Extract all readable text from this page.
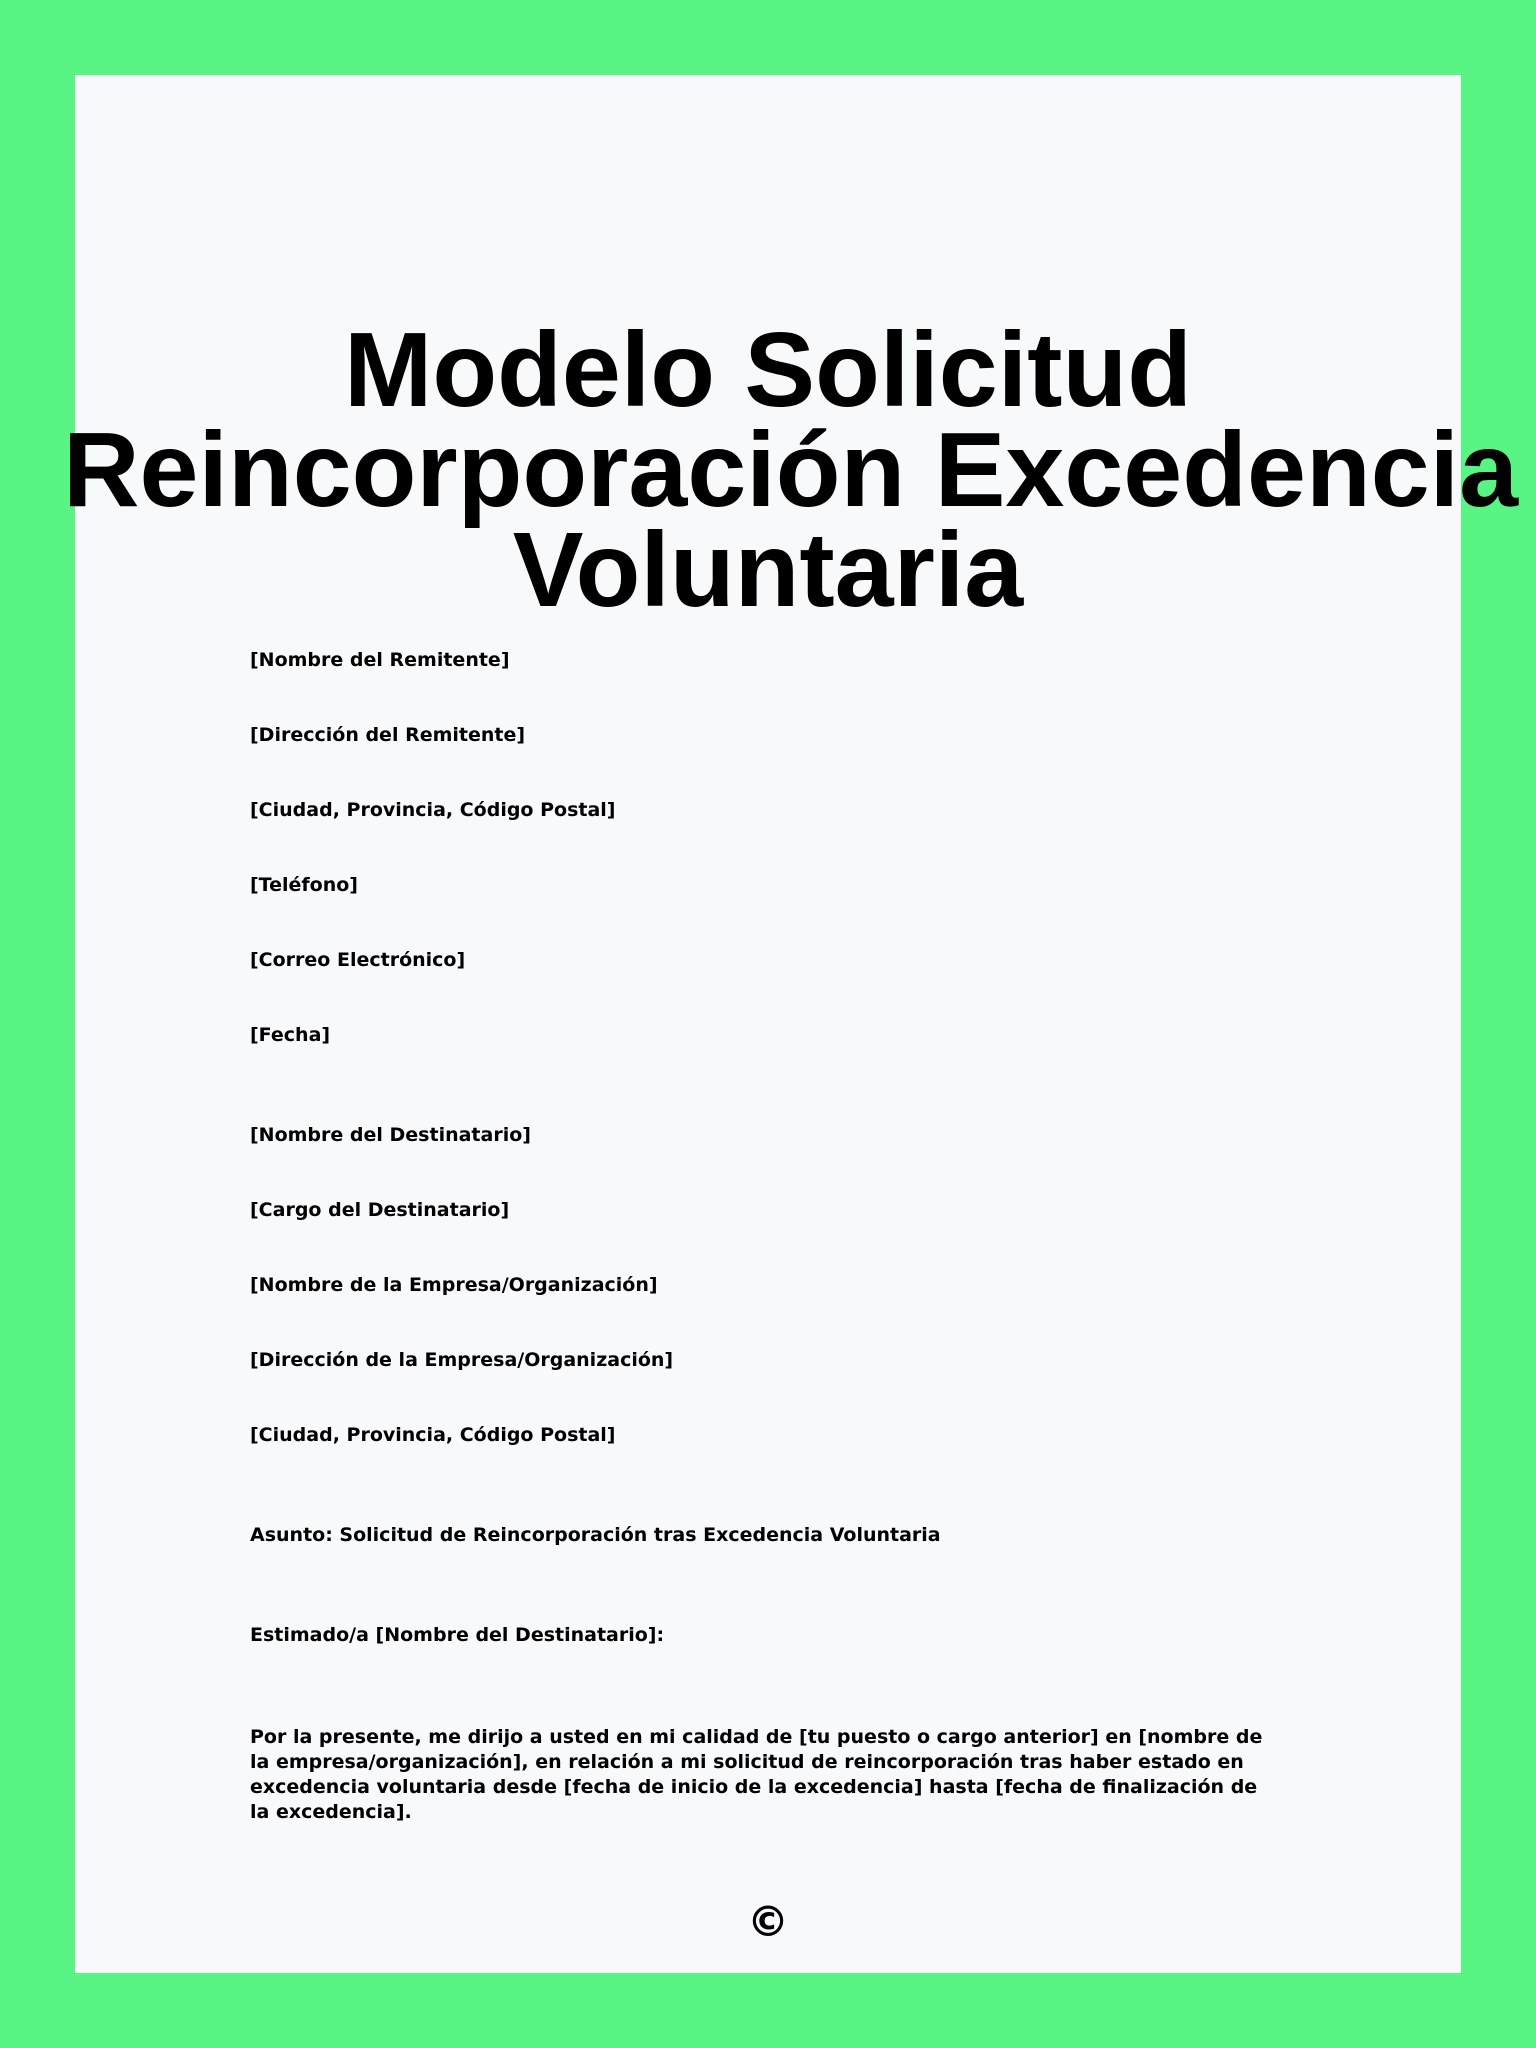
Modelo Solicitud
Reincorporación Excedencia
Voluntaria

[Nombre del Remitente]

[Dirección del Remitente]

[Ciudad, Provincia, Código Postal]

[Teléfono]

[Correo Electrónico]

[Fecha]

[Nombre del Destinatario]

[Cargo del Destinatario]

[Nombre de la Empresa/Organización]

[Dirección de la Empresa/Organización]

[Ciudad, Provincia, Código Postal]

Asunto: Solicitud de Reincorporación tras Excedencia Voluntaria

Estimado/a [Nombre del Destinatario]:

Por la presente, me dirijo a usted en mi calidad de [tu puesto o cargo anterior] en [nombre de la empresa/organización], en relación a mi solicitud de reincorporación tras haber estado en excedencia voluntaria desde [fecha de inicio de la excedencia] hasta [fecha de finalización de la excedencia].

©
